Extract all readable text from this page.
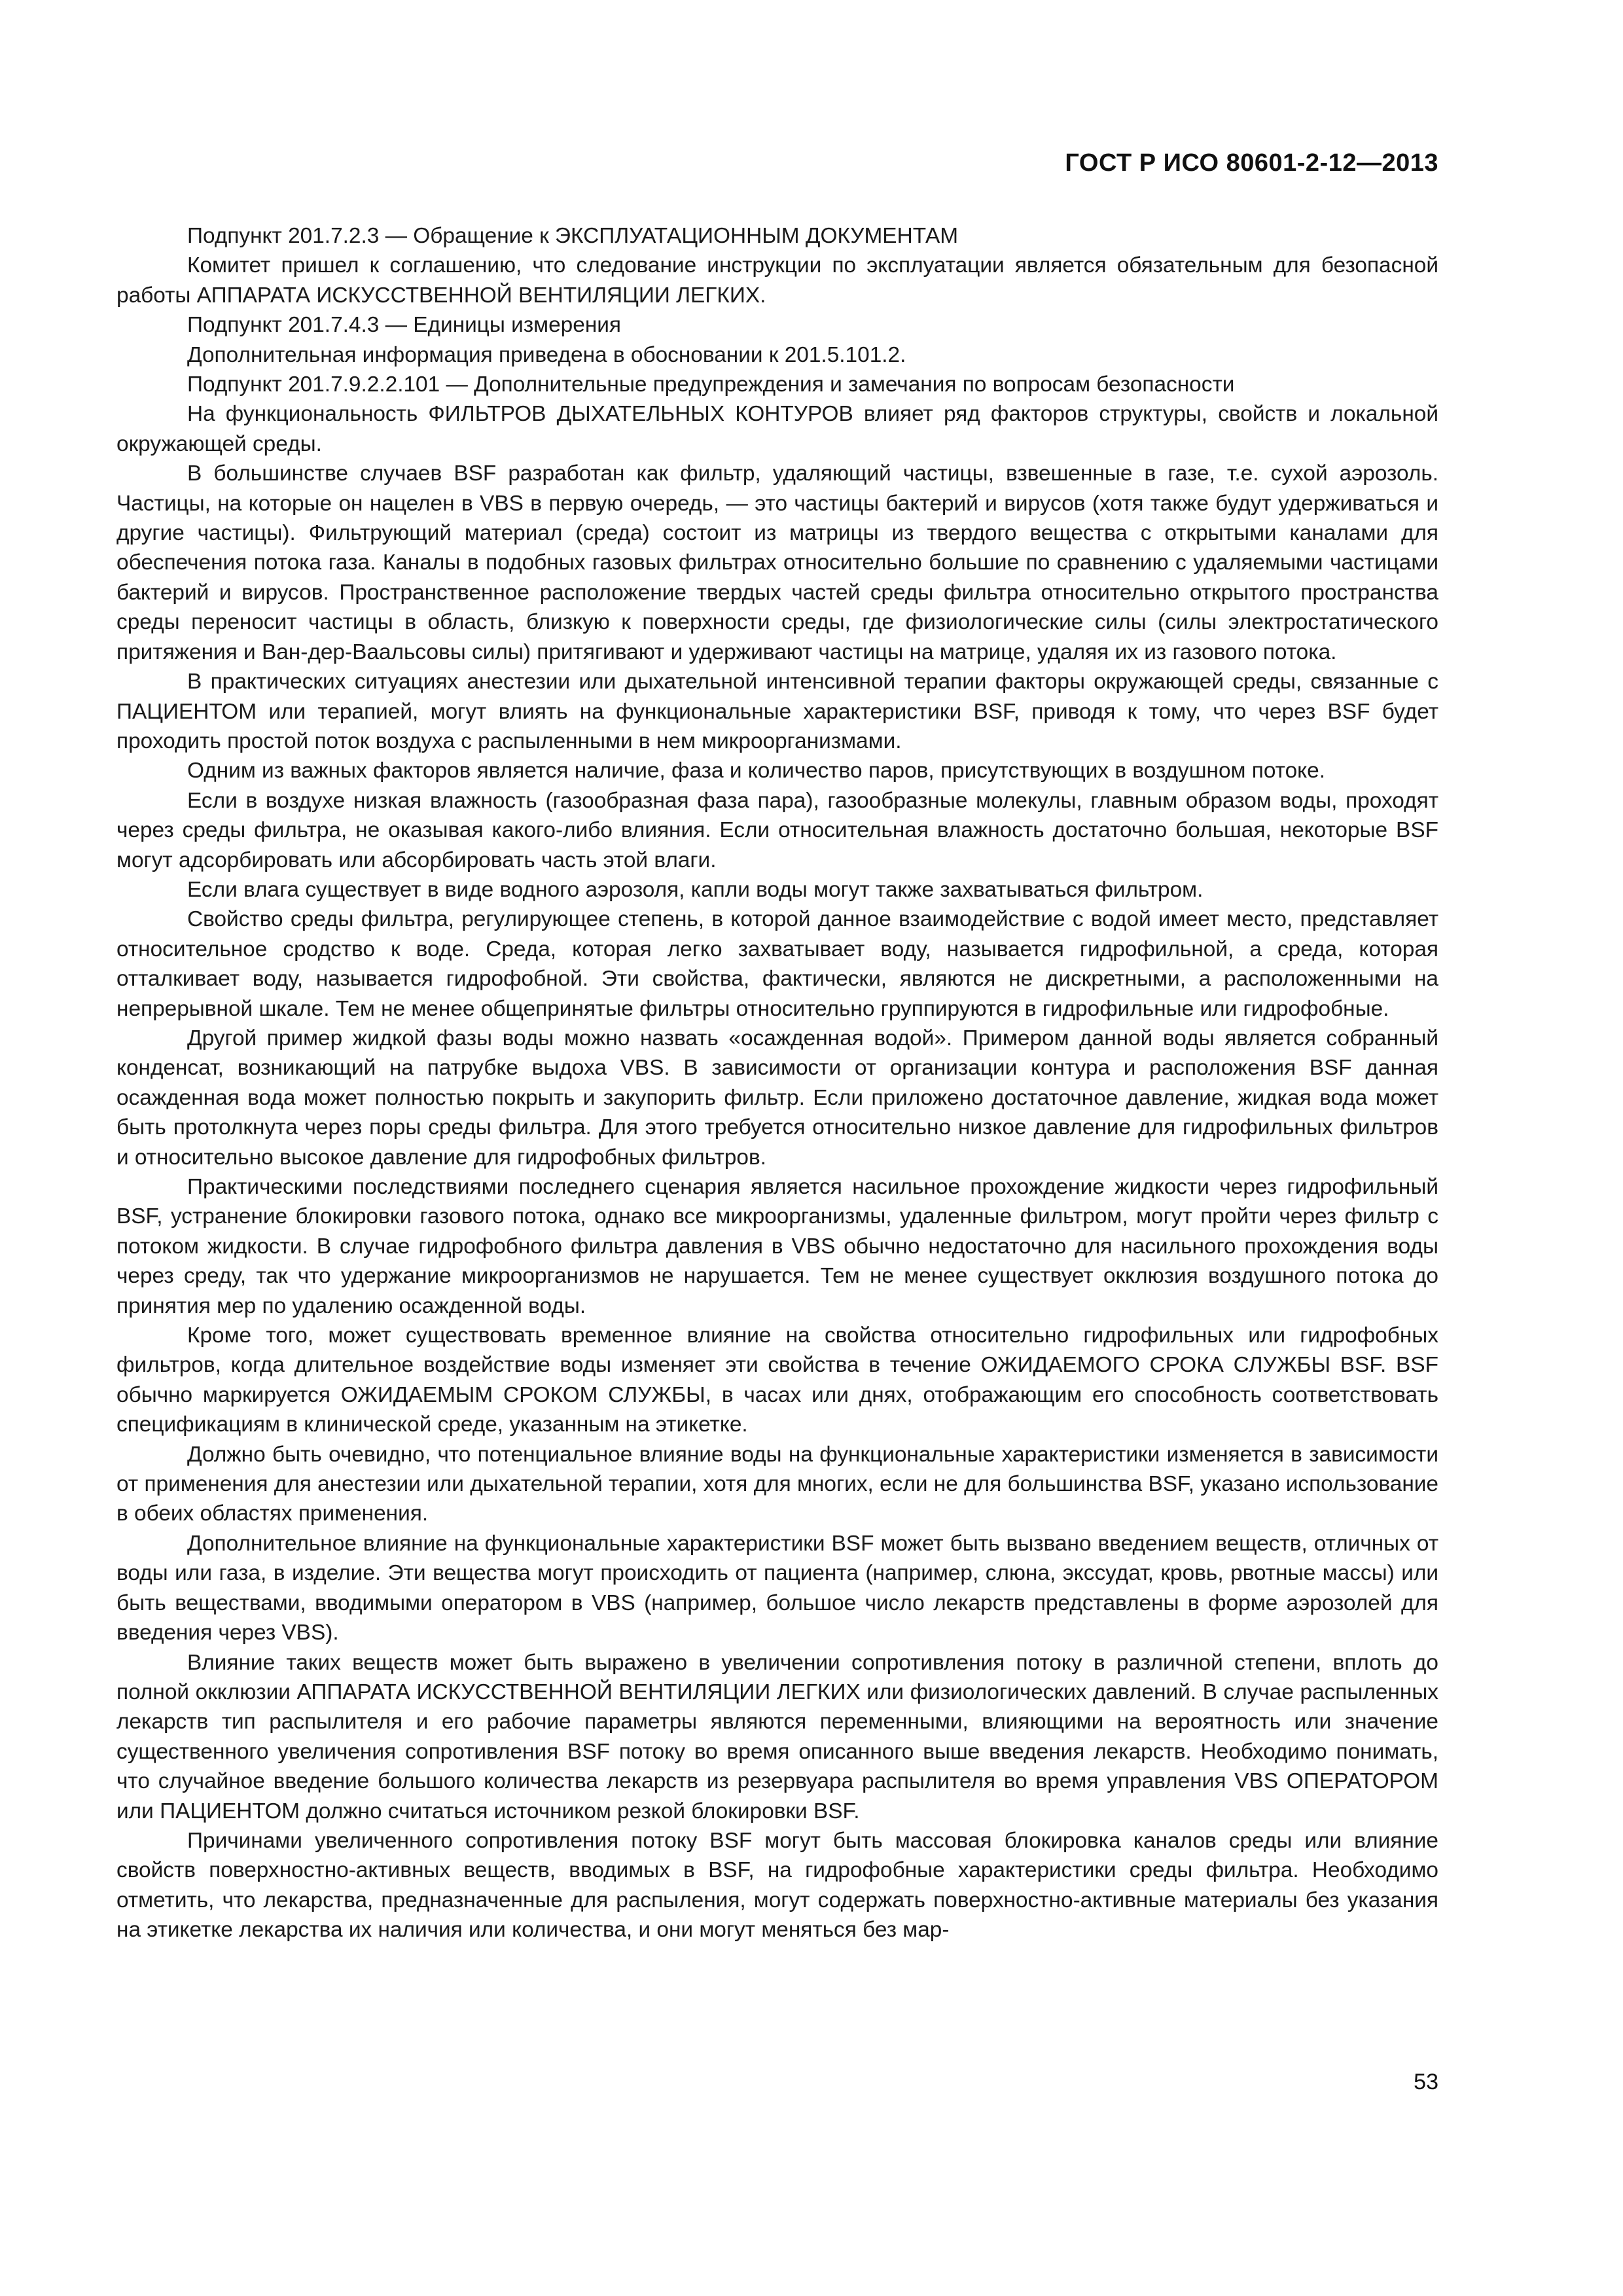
ГОСТ Р ИСО 80601-2-12—2013

Подпункт 201.7.2.3 — Обращение к ЭКСПЛУАТАЦИОННЫМ ДОКУМЕНТАМ

Комитет пришел к соглашению, что следование инструкции по эксплуатации является обязательным для безопасной работы АППАРАТА ИСКУССТВЕННОЙ ВЕНТИЛЯЦИИ ЛЕГКИХ.

Подпункт 201.7.4.3 — Единицы измерения

Дополнительная информация приведена в обосновании к 201.5.101.2.

Подпункт 201.7.9.2.2.101 — Дополнительные предупреждения и замечания по вопросам безопасности

На функциональность ФИЛЬТРОВ ДЫХАТЕЛЬНЫХ КОНТУРОВ влияет ряд факторов структуры, свойств и локальной окружающей среды.

В большинстве случаев BSF разработан как фильтр, удаляющий частицы, взвешенные в газе, т.е. сухой аэрозоль. Частицы, на которые он нацелен в VBS в первую очередь, — это частицы бактерий и вирусов (хотя также будут удерживаться и другие частицы). Фильтрующий материал (среда) состоит из матрицы из твердого вещества с открытыми каналами для обеспечения потока газа. Каналы в подобных газовых фильтрах относительно большие по сравнению с удаляемыми частицами бактерий и вирусов. Пространственное расположение твердых частей среды фильтра относительно открытого пространства среды переносит частицы в область, близкую к поверхности среды, где физиологические силы (силы электростатического притяжения и Ван-дер-Ваальсовы силы) притягивают и удерживают частицы на матрице, удаляя их из газового потока.

В практических ситуациях анестезии или дыхательной интенсивной терапии факторы окружающей среды, связанные с ПАЦИЕНТОМ или терапией, могут влиять на функциональные характеристики BSF, приводя к тому, что через BSF будет проходить простой поток воздуха с распыленными в нем микроорганизмами.

Одним из важных факторов является наличие, фаза и количество паров, присутствующих в воздушном потоке.

Если в воздухе низкая влажность (газообразная фаза пара), газообразные молекулы, главным образом воды, проходят через среды фильтра, не оказывая какого-либо влияния. Если относительная влажность достаточно большая, некоторые BSF могут адсорбировать или абсорбировать часть этой влаги.

Если влага существует в виде водного аэрозоля, капли воды могут также захватываться фильтром.

Свойство среды фильтра, регулирующее степень, в которой данное взаимодействие с водой имеет место, представляет относительное сродство к воде. Среда, которая легко захватывает воду, называется гидрофильной, а среда, которая отталкивает воду, называется гидрофобной. Эти свойства, фактически, являются не дискретными, а расположенными на непрерывной шкале. Тем не менее общепринятые фильтры относительно группируются в гидрофильные или гидрофобные.

Другой пример жидкой фазы воды можно назвать «осажденная водой». Примером данной воды является собранный конденсат, возникающий на патрубке выдоха VBS. В зависимости от организации контура и расположения BSF данная осажденная вода может полностью покрыть и закупорить фильтр. Если приложено достаточное давление, жидкая вода может быть протолкнута через поры среды фильтра. Для этого требуется относительно низкое давление для гидрофильных фильтров и относительно высокое давление для гидрофобных фильтров.

Практическими последствиями последнего сценария является насильное прохождение жидкости через гидрофильный BSF, устранение блокировки газового потока, однако все микроорганизмы, удаленные фильтром, могут пройти через фильтр с потоком жидкости. В случае гидрофобного фильтра давления в VBS обычно недостаточно для насильного прохождения воды через среду, так что удержание микроорганизмов не нарушается. Тем не менее существует окклюзия воздушного потока до принятия мер по удалению осажденной воды.

Кроме того, может существовать временное влияние на свойства относительно гидрофильных или гидрофобных фильтров, когда длительное воздействие воды изменяет эти свойства в течение ОЖИДАЕМОГО СРОКА СЛУЖБЫ BSF. BSF обычно маркируется ОЖИДАЕМЫМ СРОКОМ СЛУЖБЫ, в часах или днях, отображающим его способность соответствовать спецификациям в клинической среде, указанным на этикетке.

Должно быть очевидно, что потенциальное влияние воды на функциональные характеристики изменяется в зависимости от применения для анестезии или дыхательной терапии, хотя для многих, если не для большинства BSF, указано использование в обеих областях применения.

Дополнительное влияние на функциональные характеристики BSF может быть вызвано введением веществ, отличных от воды или газа, в изделие. Эти вещества могут происходить от пациента (например, слюна, экссудат, кровь, рвотные массы) или быть веществами, вводимыми оператором в VBS (например, большое число лекарств представлены в форме аэрозолей для введения через VBS).

Влияние таких веществ может быть выражено в увеличении сопротивления потоку в различной степени, вплоть до полной окклюзии АППАРАТА ИСКУССТВЕННОЙ ВЕНТИЛЯЦИИ ЛЕГКИХ или физиологических давлений. В случае распыленных лекарств тип распылителя и его рабочие параметры являются переменными, влияющими на вероятность или значение существенного увеличения сопротивления BSF потоку во время описанного выше введения лекарств. Необходимо понимать, что случайное введение большого количества лекарств из резервуара распылителя во время управления VBS ОПЕРАТОРОМ или ПАЦИЕНТОМ должно считаться источником резкой блокировки BSF.

Причинами увеличенного сопротивления потоку BSF могут быть массовая блокировка каналов среды или влияние свойств поверхностно-активных веществ, вводимых в BSF, на гидрофобные характеристики среды фильтра. Необходимо отметить, что лекарства, предназначенные для распыления, могут содержать поверхностно-активные материалы без указания на этикетке лекарства их наличия или количества, и они могут меняться без мар-

53
